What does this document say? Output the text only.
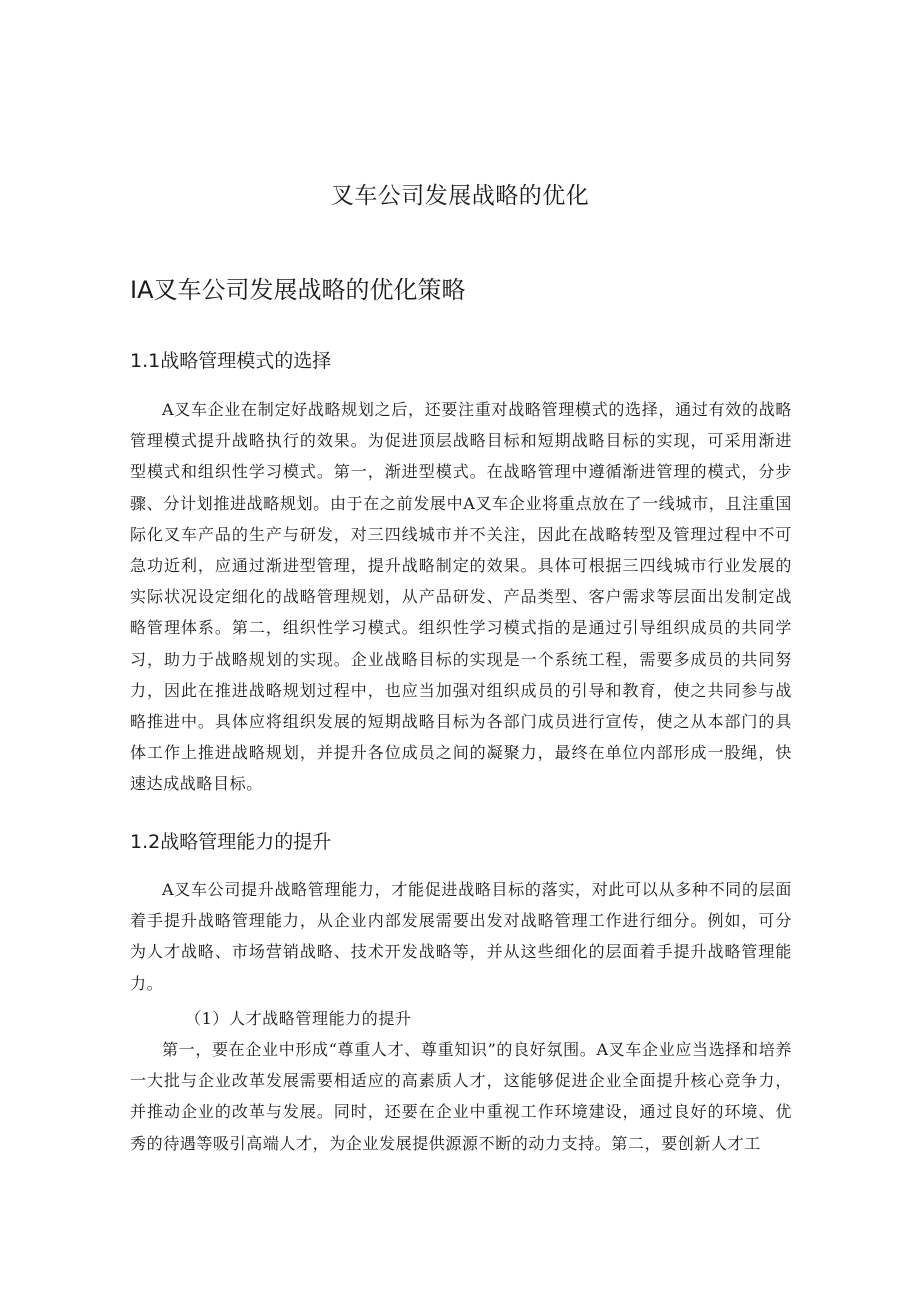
叉车公司发展战略的优化
IA叉车公司发展战略的优化策略
1.1战略管理模式的选择

A叉车企业在制定好战略规划之后，还要注重对战略管理模式的选择，通过有效的战略管理模式提升战略执行的效果。为促进顶层战略目标和短期战略目标的实现，可采用渐进型模式和组织性学习模式。第一，渐进型模式。在战略管理中遵循渐进管理的模式，分步骤、分计划推进战略规划。由于在之前发展中A叉车企业将重点放在了一线城市，且注重国际化叉车产品的生产与研发，对三四线城市并不关注，因此在战略转型及管理过程中不可急功近利，应通过渐进型管理，提升战略制定的效果。具体可根据三四线城市行业发展的实际状况设定细化的战略管理规划，从产品研发、产品类型、客户需求等层面出发制定战略管理体系。第二，组织性学习模式。组织性学习模式指的是通过引导组织成员的共同学习，助力于战略规划的实现。企业战略目标的实现是一个系统工程，需要多成员的共同努力，因此在推进战略规划过程中，也应当加强对组织成员的引导和教育，使之共同参与战略推进中。具体应将组织发展的短期战略目标为各部门成员进行宣传，使之从本部门的具体工作上推进战略规划，并提升各位成员之间的凝聚力，最终在单位内部形成一股绳，快速达成战略目标。

1.2战略管理能力的提升

A叉车公司提升战略管理能力，才能促进战略目标的落实，对此可以从多种不同的层面着手提升战略管理能力，从企业内部发展需要出发对战略管理工作进行细分。例如，可分为人才战略、市场营销战略、技术开发战略等，并从这些细化的层面着手提升战略管理能力。

（1）人才战略管理能力的提升

第一，要在企业中形成“尊重人才、尊重知识”的良好氛围。A叉车企业应当选择和培养一大批与企业改革发展需要相适应的高素质人才，这能够促进企业全面提升核心竞争力，并推动企业的改革与发展。同时，还要在企业中重视工作环境建设，通过良好的环境、优秀的待遇等吸引高端人才，为企业发展提供源源不断的动力支持。第二，要创新人才工
